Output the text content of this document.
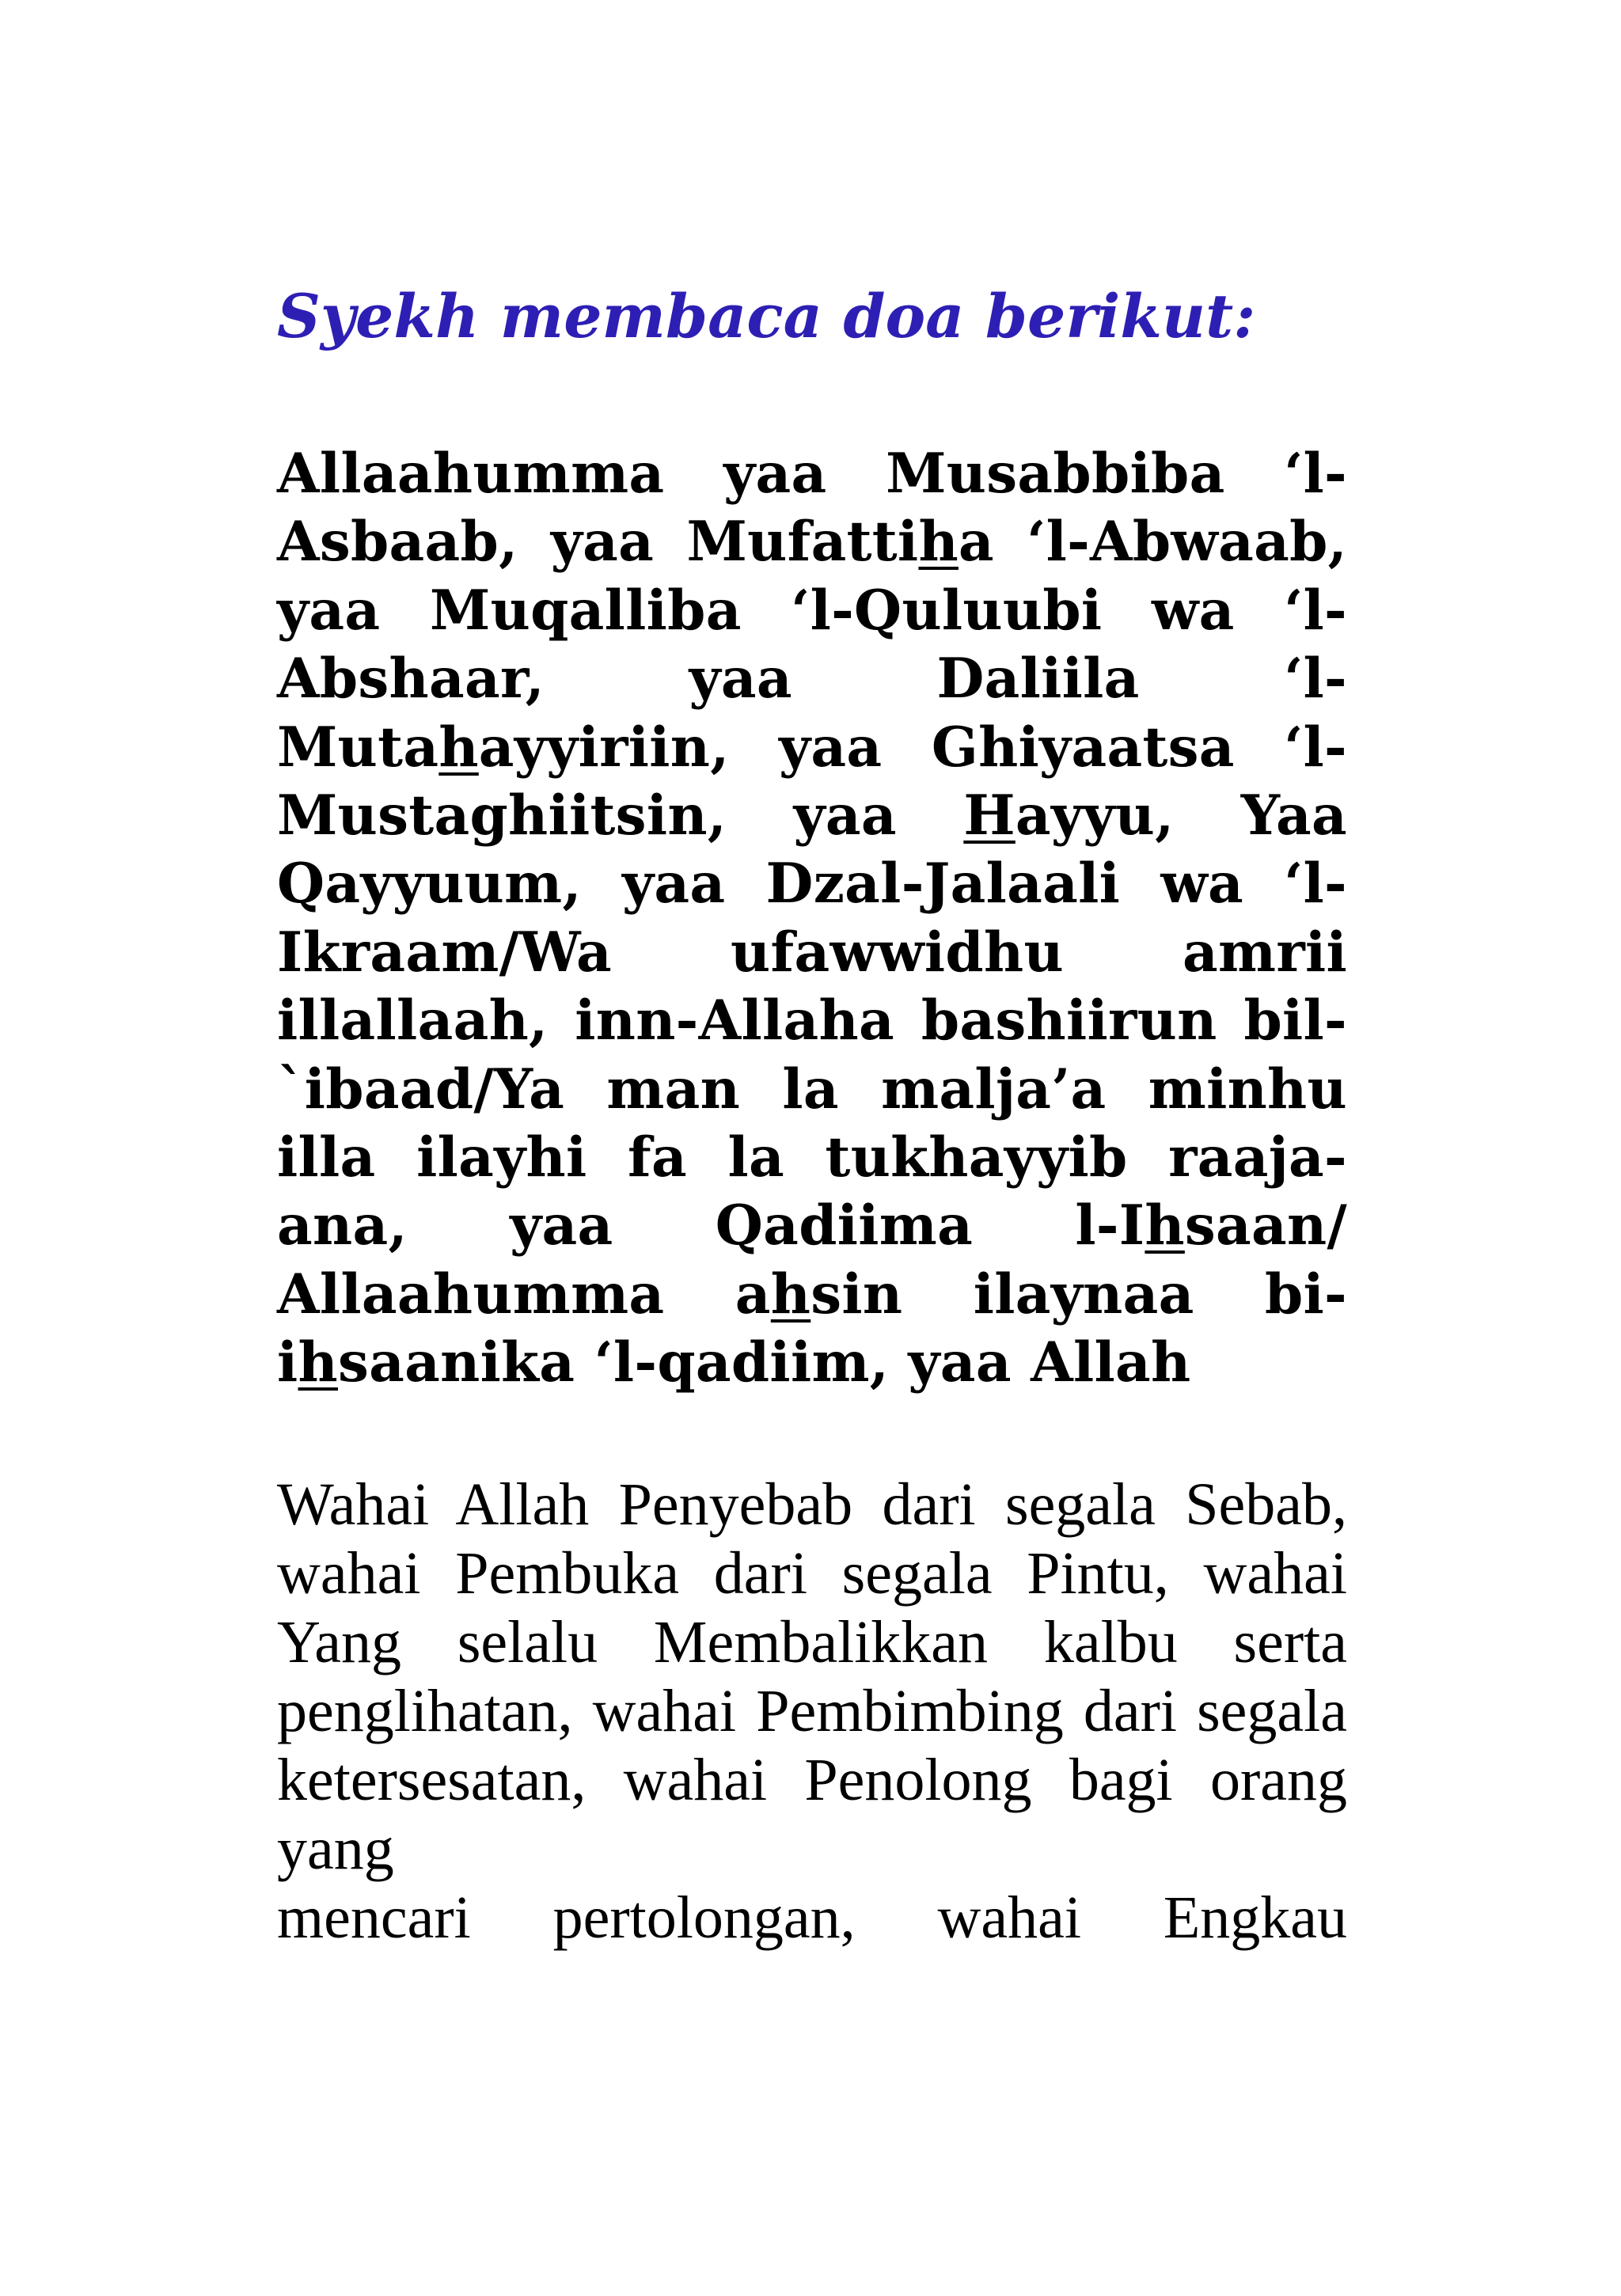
Syekh membaca doa berikut:

Allaahumma yaa Musabbiba ‘l-Asbaab, yaa Mufattiha ‘l-Abwaab, yaa Muqalliba ‘l-Quluubi wa ‘l-Abshaar, yaa Daliila ‘l-Mutahayyiriin, yaa Ghiyaatsa ‘l-Mustaghiitsin, yaa Hayyu, Yaa Qayyuum, yaa Dzal-Jalaali wa ‘l-Ikraam/Wa ufawwidhu amrii illallaah, inn-Allaha bashiirun bil-`ibaad/Ya man la malja’a minhu illa ilayhi fa la tukhayyib raaja-ana, yaa Qadiima l-Ihsaan/ Allaahumma ahsin ilaynaa bi-ihsaanika ‘l-qadiim, yaa Allah

Wahai Allah Penyebab dari segala Sebab, wahai Pembuka dari segala Pintu, wahai Yang selalu Membalikkan kalbu serta penglihatan, wahai Pembimbing dari segala ketersesatan, wahai Penolong bagi orang yang
mencari pertolongan, wahai Engkau
